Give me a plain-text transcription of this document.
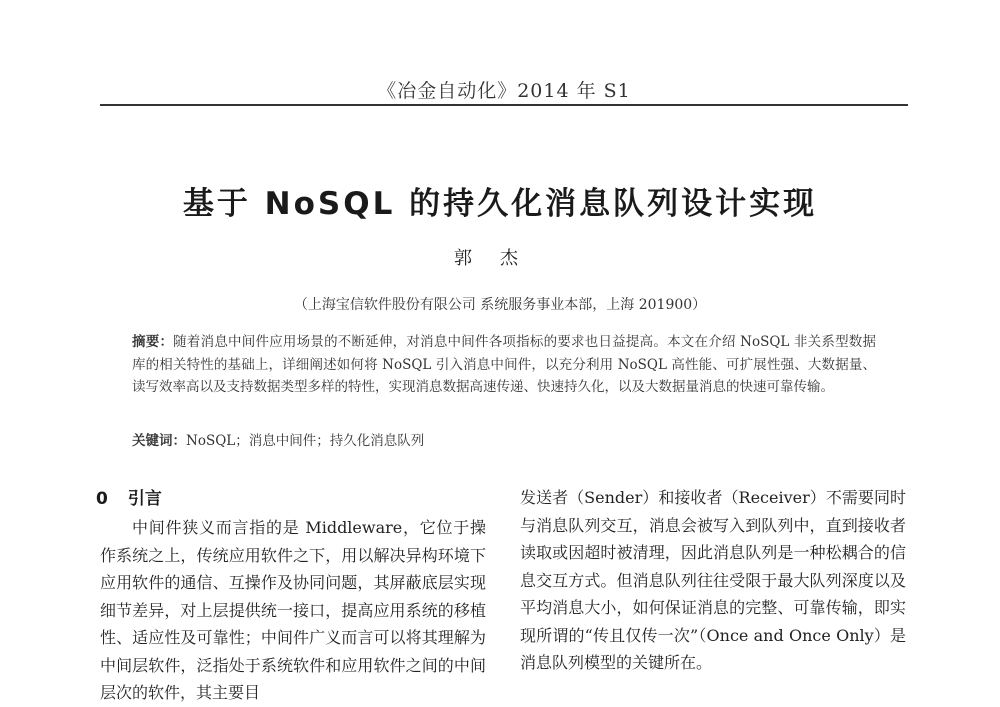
《冶金自动化》2014 年 S1
基于 NoSQL 的持久化消息队列设计实现
郭杰
（上海宝信软件股份有限公司 系统服务事业本部，上海 201900）
摘要：随着消息中间件应用场景的不断延伸，对消息中间件各项指标的要求也日益提高。本文在介绍 NoSQL 非关系型数据库的相关特性的基础上，详细阐述如何将 NoSQL 引入消息中间件，以充分利用 NoSQL 高性能、可扩展性强、大数据量、读写效率高以及支持数据类型多样的特性，实现消息数据高速传递、快速持久化，以及大数据量消息的快速可靠传输。
关键词：NoSQL；消息中间件；持久化消息队列
0 引言

中间件狭义而言指的是 Middleware，它位于操作系统之上，传统应用软件之下，用以解决异构环境下应用软件的通信、互操作及协同问题，其屏蔽底层实现细节差异，对上层提供统一接口，提高应用系统的移植性、适应性及可靠性；中间件广义而言可以将其理解为中间层软件，泛指处于系统软件和应用软件之间的中间层次的软件，其主要目

发送者（Sender）和接收者（Receiver）不需要同时与消息队列交互，消息会被写入到队列中，直到接收者读取或因超时被清理，因此消息队列是一种松耦合的信息交互方式。但消息队列往往受限于最大队列深度以及平均消息大小，如何保证消息的完整、可靠传输，即实现所谓的“传且仅传一次”（Once and Once Only）是消息队列模型的关键所在。
